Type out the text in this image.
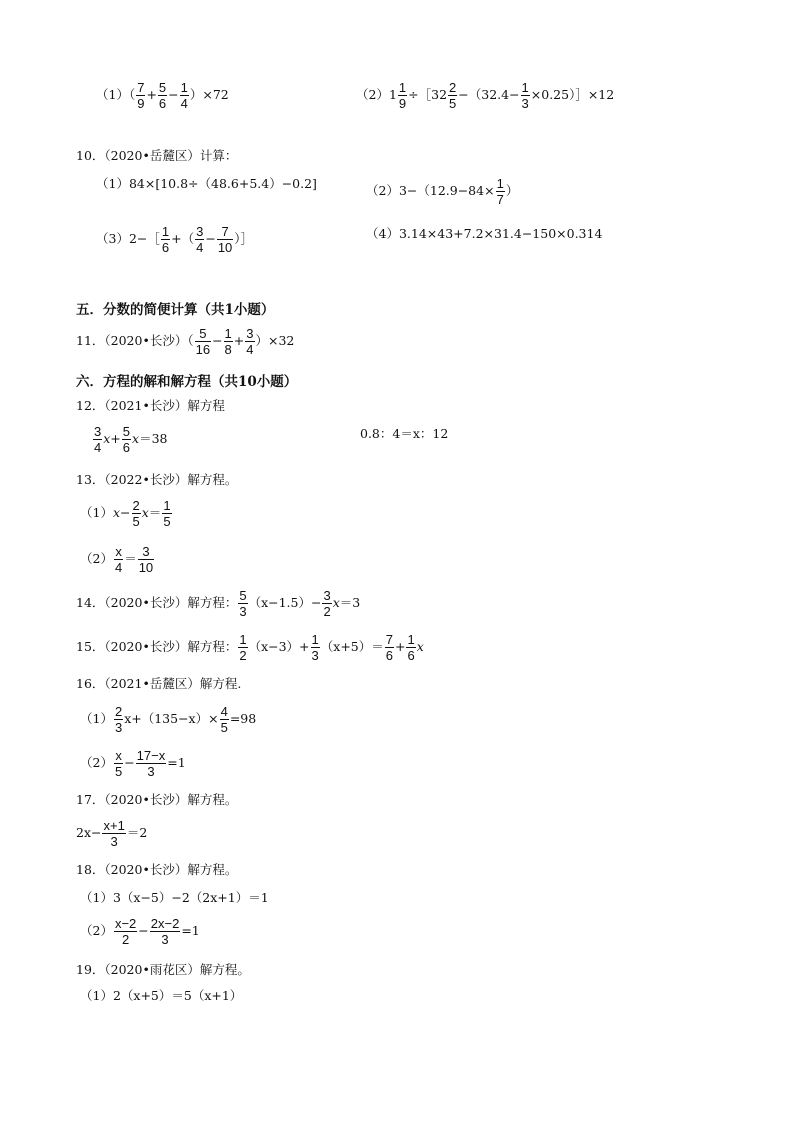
$(1)( \frac{7}{9} + \frac{5}{6} - \frac{1}{4} )\times 72$	$(2)1 \frac{1}{9}$ ÷［32 $\frac{2}{5} -(32.4- \frac{1}{3}$ ×0.25）］×12
10．（2020•岳麓区）计算：
（1）84×[10.8÷（48.6+5.4）−0.2]	$(2)3-(12.9-84\times \frac{1}{7}$ ）
（3）2−［ $\frac{1}{6}$ +（ $\frac{3}{4} - \frac{7}{10}$ ）］	（4）3.14×43+7.2×31.4−150×0.314
五．分数的简便计算（共1小题）
11．（2020•长沙）（ $\frac{5}{16} - \frac{1}{8} + \frac{3}{4} )\times 32$
六．方程的解和解方程（共10小题）
12．（2021•长沙）解方程
$\frac{3}{4} x+ \frac{5}{6} x=38$	0.8：4＝x：12
13．（2022•长沙）解方程。
$(1)x- \frac{2}{5} x= \frac{1}{5}$
$(2) \frac{x}{4} = \frac{3}{10}$
14．（2020•长沙）解方程： $\frac{5}{3} (x-1.5)- \frac{3}{2} x=3$
15．（2020•长沙）解方程： $\frac{1}{2} (x-3)+ \frac{1}{3} (x+5)= \frac{7}{6} + \frac{1}{6}$ x
16．（2021•岳麓区）解方程.
$(1) \frac{2}{3} x+(135-x)\times \frac{4}{5} =98$
$(2) \frac{x}{5} - \frac{17-x}{3} =1$
17．（2020•长沙）解方程。
$2x- \frac{x+1}{3} =2$
18．（2020•长沙）解方程。
（1）3（x−5）−2（2x+1）＝1
$(2) \frac{x-2}{2} - \frac{2x-2}{3} =1$
19．（2020•雨花区）解方程。
（1）2（x+5）＝5（x+1）
